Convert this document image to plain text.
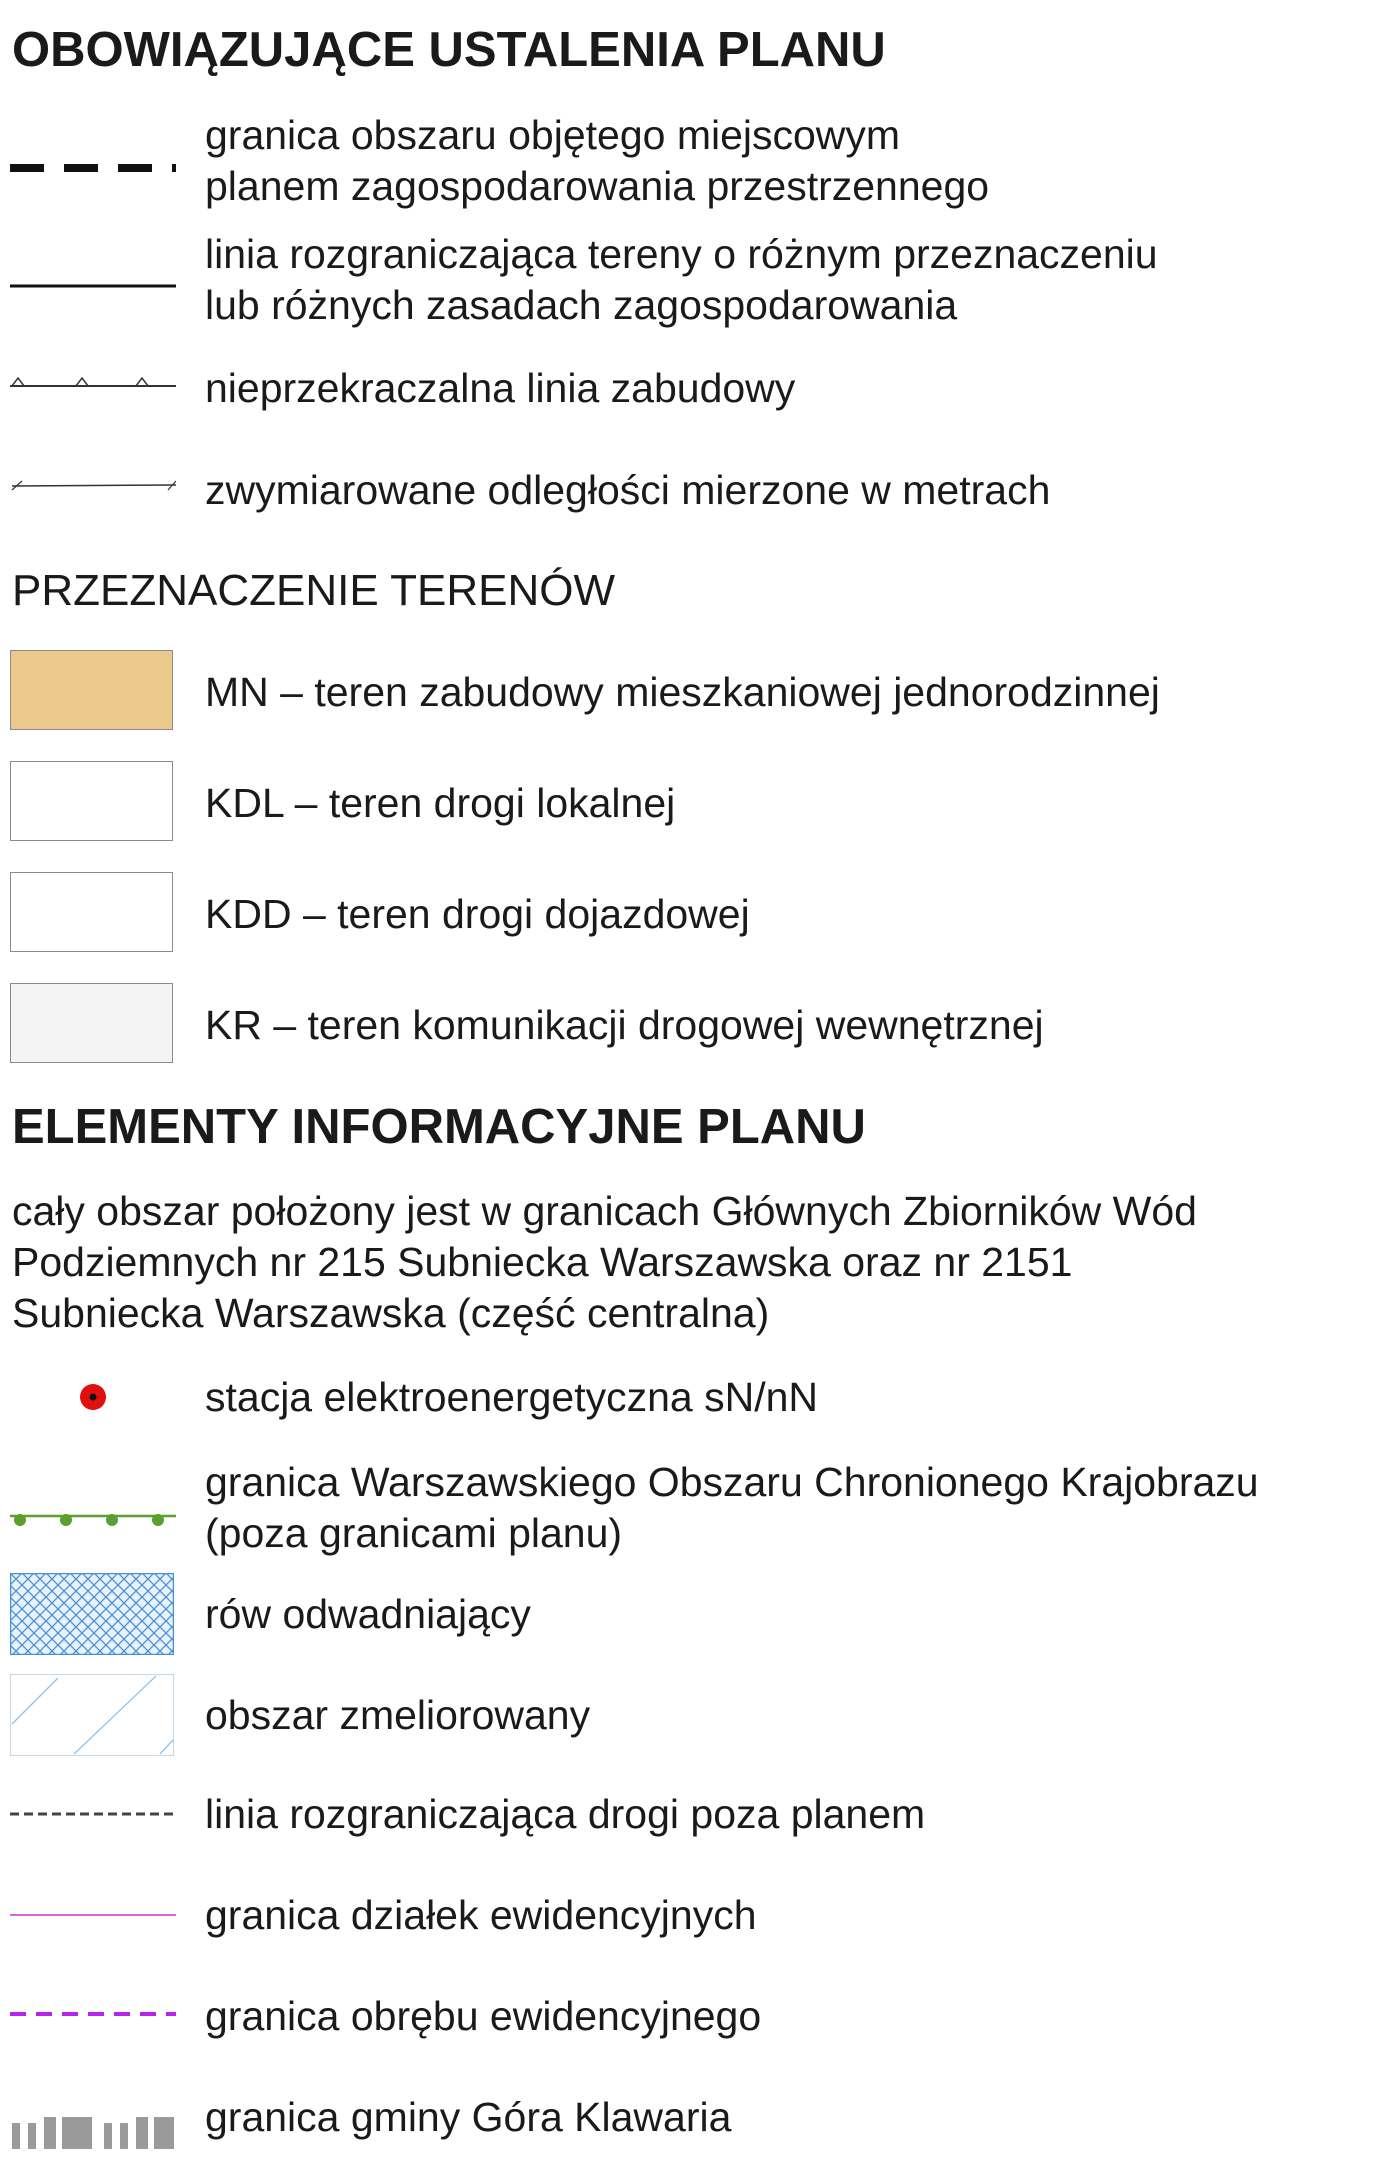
OBOWIĄZUJĄCE USTALENIA PLANU
granica obszaru objętego miejscowym
planem zagospodarowania przestrzennego
linia rozgraniczająca tereny o różnym przeznaczeniu
lub różnych zasadach zagospodarowania
nieprzekraczalna linia zabudowy
zwymiarowane odległości mierzone w metrach
PRZEZNACZENIE TERENÓW
MN – teren zabudowy mieszkaniowej jednorodzinnej
KDL – teren drogi lokalnej
KDD – teren drogi dojazdowej
KR – teren komunikacji drogowej wewnętrznej
ELEMENTY INFORMACYJNE PLANU
cały obszar położony jest w granicach Głównych Zbiorników Wód
Podziemnych nr 215 Subniecka Warszawska oraz nr 2151
Subniecka Warszawska (część centralna)
stacja elektroenergetyczna sN/nN
granica Warszawskiego Obszaru Chronionego Krajobrazu
(poza granicami planu)
rów odwadniający
obszar zmeliorowany
linia rozgraniczająca drogi poza planem
granica działek ewidencyjnych
granica obrębu ewidencyjnego
granica gminy Góra Klawaria
